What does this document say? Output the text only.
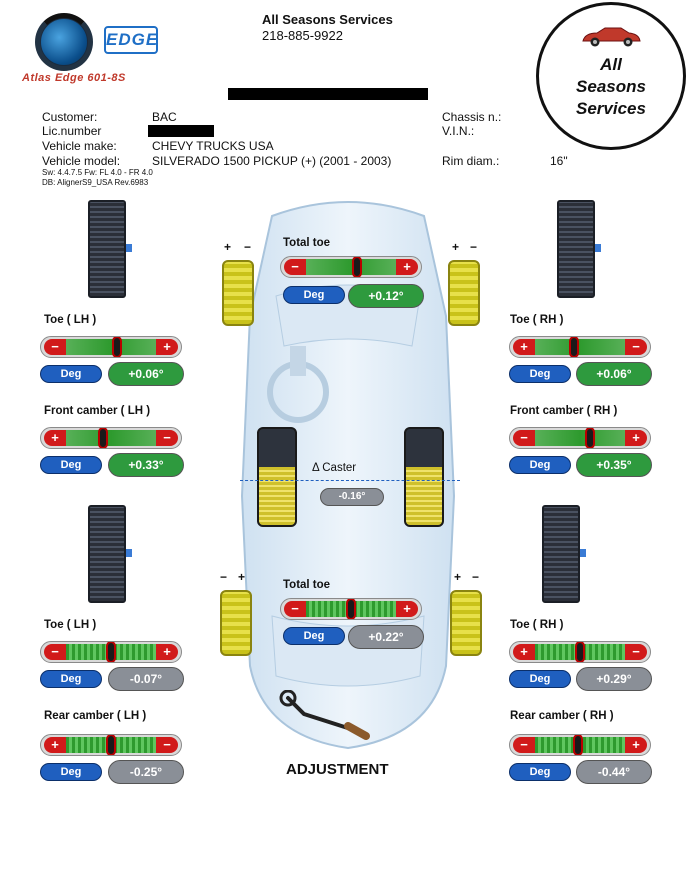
EDGE
Atlas Edge 601-8S
All Seasons Services
218-885-9922
All
Seasons
Services
Customer:	BAC
Lic.number
Vehicle make:	CHEVY TRUCKS USA
Vehicle model:	SILVERADO 1500 PICKUP (+) (2001 - 2003)
Chassis n.:
V.I.N.:
Rim diam.:	16"
Sw: 4.4.7.5 Fw: FL 4.0 - FR 4.0
DB: AlignerS9_USA Rev.6983
+ −	+ −
Total toe
−	+
Deg	+0.12°
Toe ( LH )
−	+
Deg	+0.06°
Toe ( RH )
+	−
Deg	+0.06°
Front camber ( LH )
+	−
Deg	+0.33°
Front camber ( RH )
−	+
Deg	+0.35°
Δ Caster
-0.16°
− +	+ −
Total toe
−	+
Deg	+0.22°
Toe ( LH )
−	+
Deg	-0.07°
Toe ( RH )
+	−
Deg	+0.29°
Rear camber ( LH )
+	−
Deg	-0.25°
Rear camber ( RH )
−	+
Deg	-0.44°
ADJUSTMENT
